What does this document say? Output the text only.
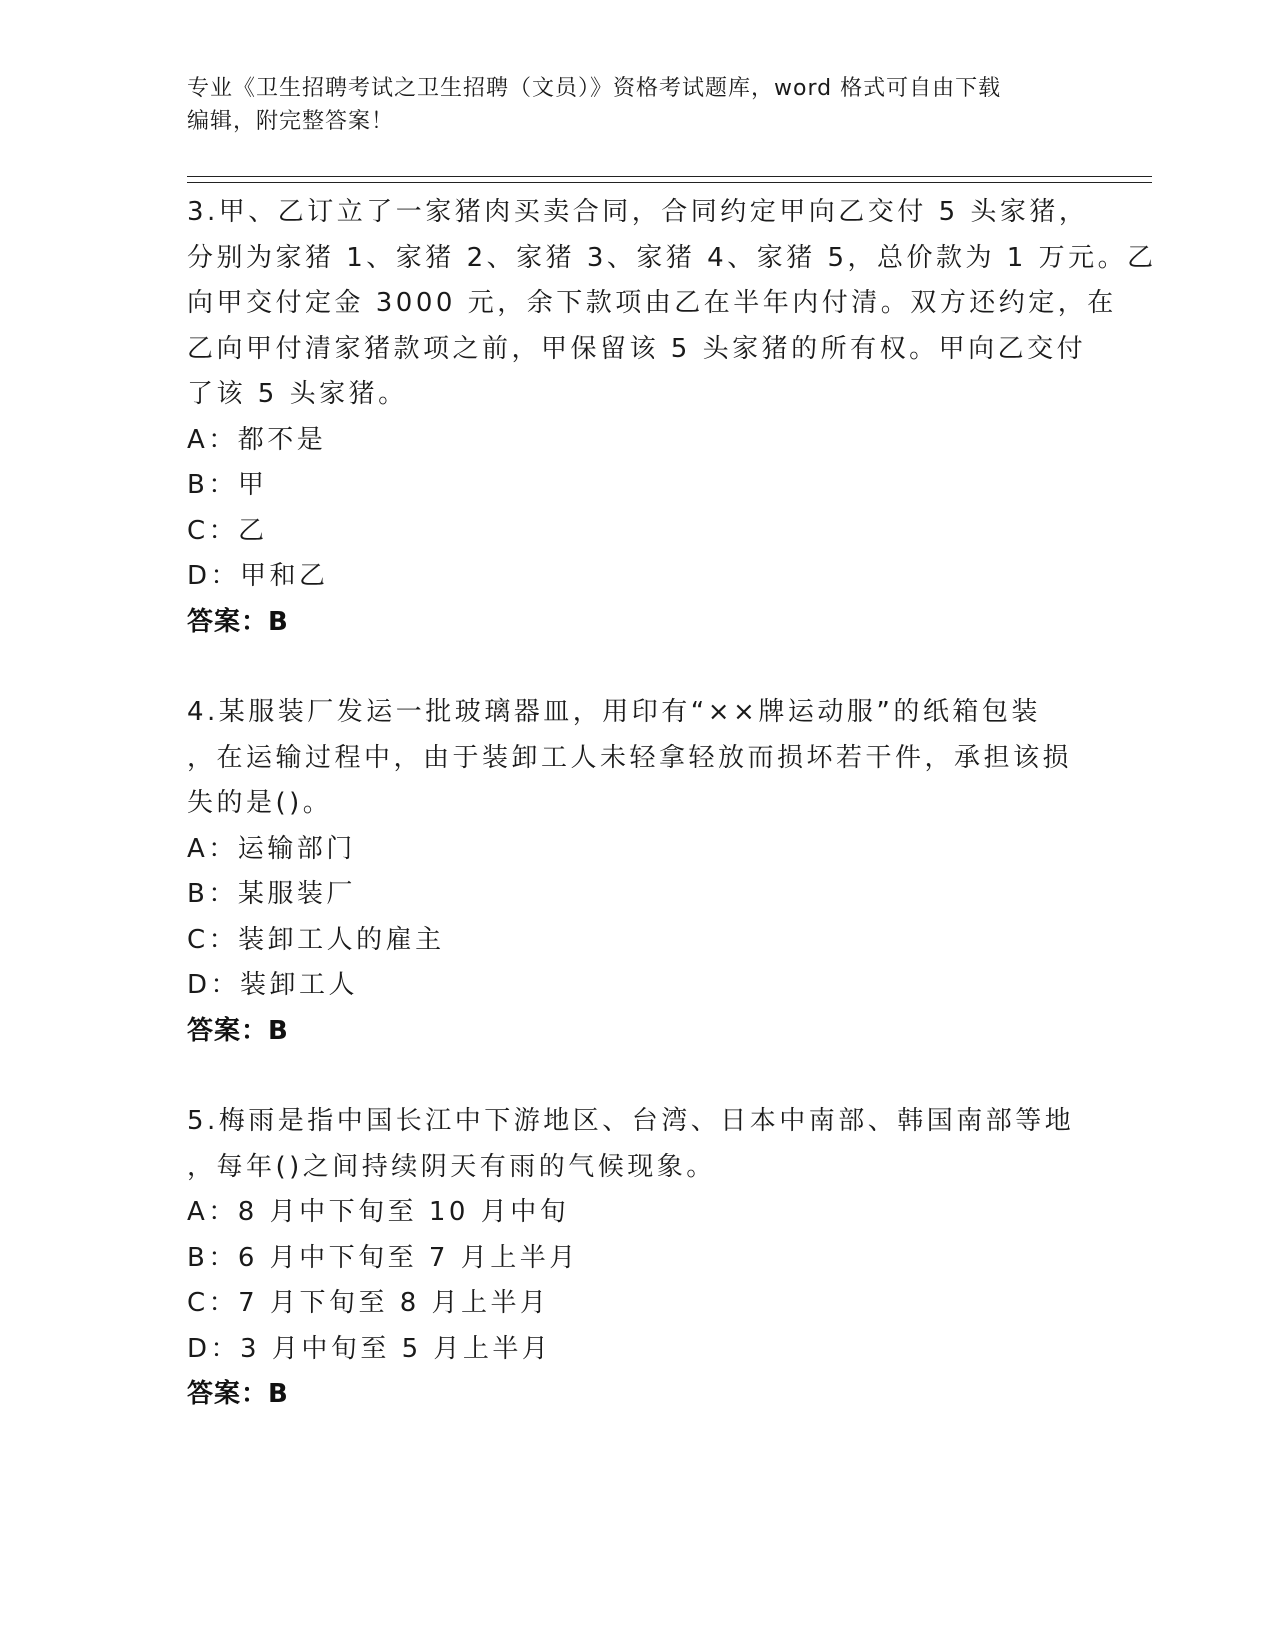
专业《卫生招聘考试之卫生招聘（文员）》资格考试题库，word 格式可自由下载
编辑，附完整答案！
3.甲、乙订立了一家猪肉买卖合同，合同约定甲向乙交付 5 头家猪，
分别为家猪 1、家猪 2、家猪 3、家猪 4、家猪 5，总价款为 1 万元。乙
向甲交付定金 3000 元，余下款项由乙在半年内付清。双方还约定，在
乙向甲付清家猪款项之前，甲保留该 5 头家猪的所有权。甲向乙交付
了该 5 头家猪。
A：都不是
B：甲
C：乙
D：甲和乙
答案：B
4.某服装厂发运一批玻璃器皿，用印有“××牌运动服”的纸箱包装
，在运输过程中，由于装卸工人未轻拿轻放而损坏若干件，承担该损
失的是()。
A：运输部门
B：某服装厂
C：装卸工人的雇主
D：装卸工人
答案：B
5.梅雨是指中国长江中下游地区、台湾、日本中南部、韩国南部等地
，每年()之间持续阴天有雨的气候现象。
A：8 月中下旬至 10 月中旬
B：6 月中下旬至 7 月上半月
C：7 月下旬至 8 月上半月
D：3 月中旬至 5 月上半月
答案：B
